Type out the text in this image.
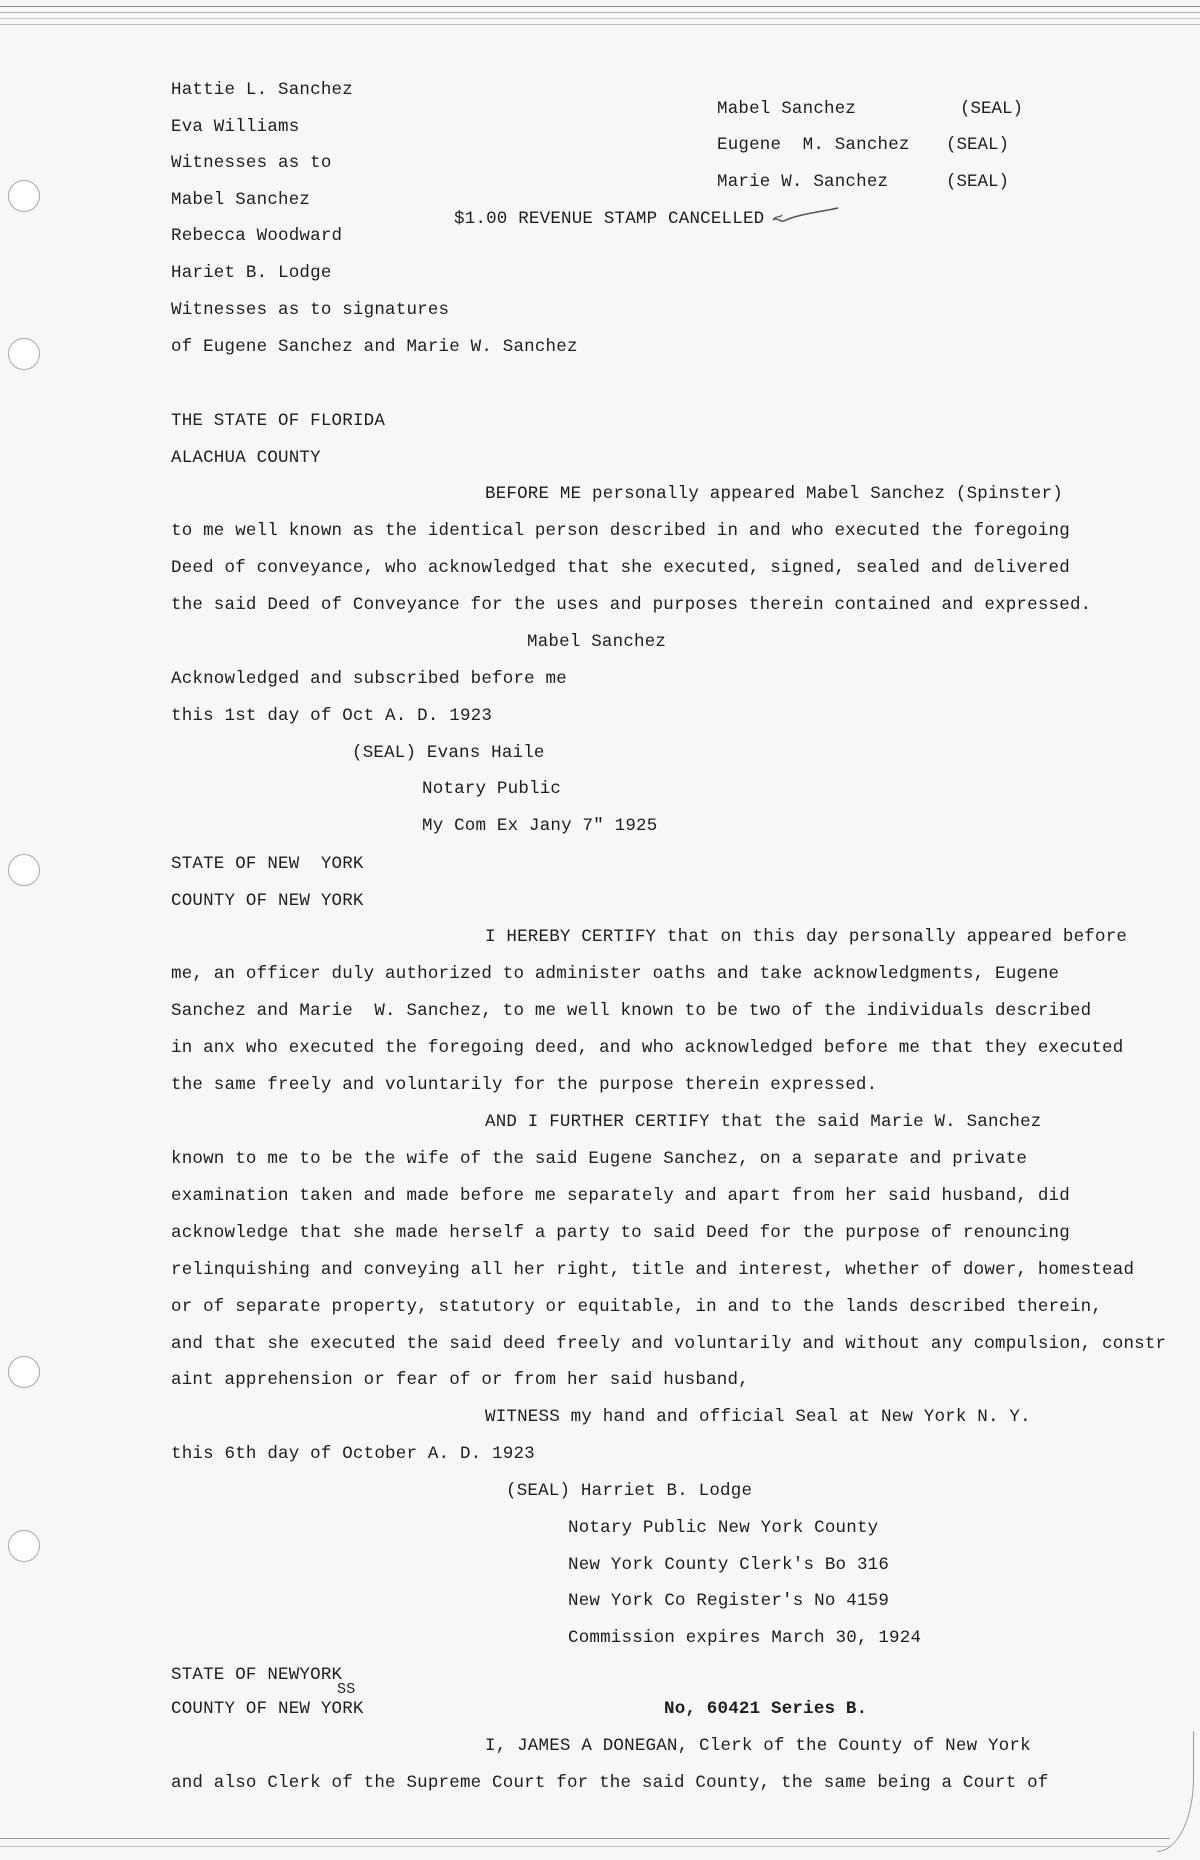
Hattie L. Sanchez
Eva Williams
Witnesses as to
Mabel Sanchez
Rebecca Woodward
Hariet B. Lodge
Witnesses as to signatures
of Eugene Sanchez and Marie W. Sanchez
Mabel Sanchez	(SEAL)
Eugene  M. Sanchez (SEAL)
Marie W. Sanchez	(SEAL)
$1.00 REVENUE STAMP CANCELLED
THE STATE OF FLORIDA
ALACHUA COUNTY
BEFORE ME personally appeared Mabel Sanchez (Spinster)
to me well known as the identical person described in and who executed the foregoing
Deed of conveyance, who acknowledged that she executed, signed, sealed and delivered
the said Deed of Conveyance for the uses and purposes therein contained and expressed.
Mabel Sanchez
Acknowledged and subscribed before me
this 1st day of Oct A. D. 1923
(SEAL) Evans Haile
Notary Public
My Com Ex Jany 7" 1925
STATE OF NEW  YORK
COUNTY OF NEW YORK
I HEREBY CERTIFY that on this day personally appeared before
me, an officer duly authorized to administer oaths and take acknowledgments, Eugene
Sanchez and Marie  W. Sanchez, to me well known to be two of the individuals described
in anx who executed the foregoing deed, and who acknowledged before me that they executed
the same freely and voluntarily for the purpose therein expressed.
AND I FURTHER CERTIFY that the said Marie W. Sanchez
known to me to be the wife of the said Eugene Sanchez, on a separate and private
examination taken and made before me separately and apart from her said husband, did
acknowledge that she made herself a party to said Deed for the purpose of renouncing
relinquishing and conveying all her right, title and interest, whether of dower, homestead
or of separate property, statutory or equitable, in and to the lands described therein,
and that she executed the said deed freely and voluntarily and without any compulsion, constr
aint apprehension or fear of or from her said husband,
WITNESS my hand and official Seal at New York N. Y.
this 6th day of October A. D. 1923
(SEAL) Harriet B. Lodge
Notary Public New York County
New York County Clerk's Bo 316
New York Co Register's No 4159
Commission expires March 30, 1924
STATE OF NEWYORK
SS
COUNTY OF NEW YORK	No, 60421 Series B.
I, JAMES A DONEGAN, Clerk of the County of New York
and also Clerk of the Supreme Court for the said County, the same being a Court of
